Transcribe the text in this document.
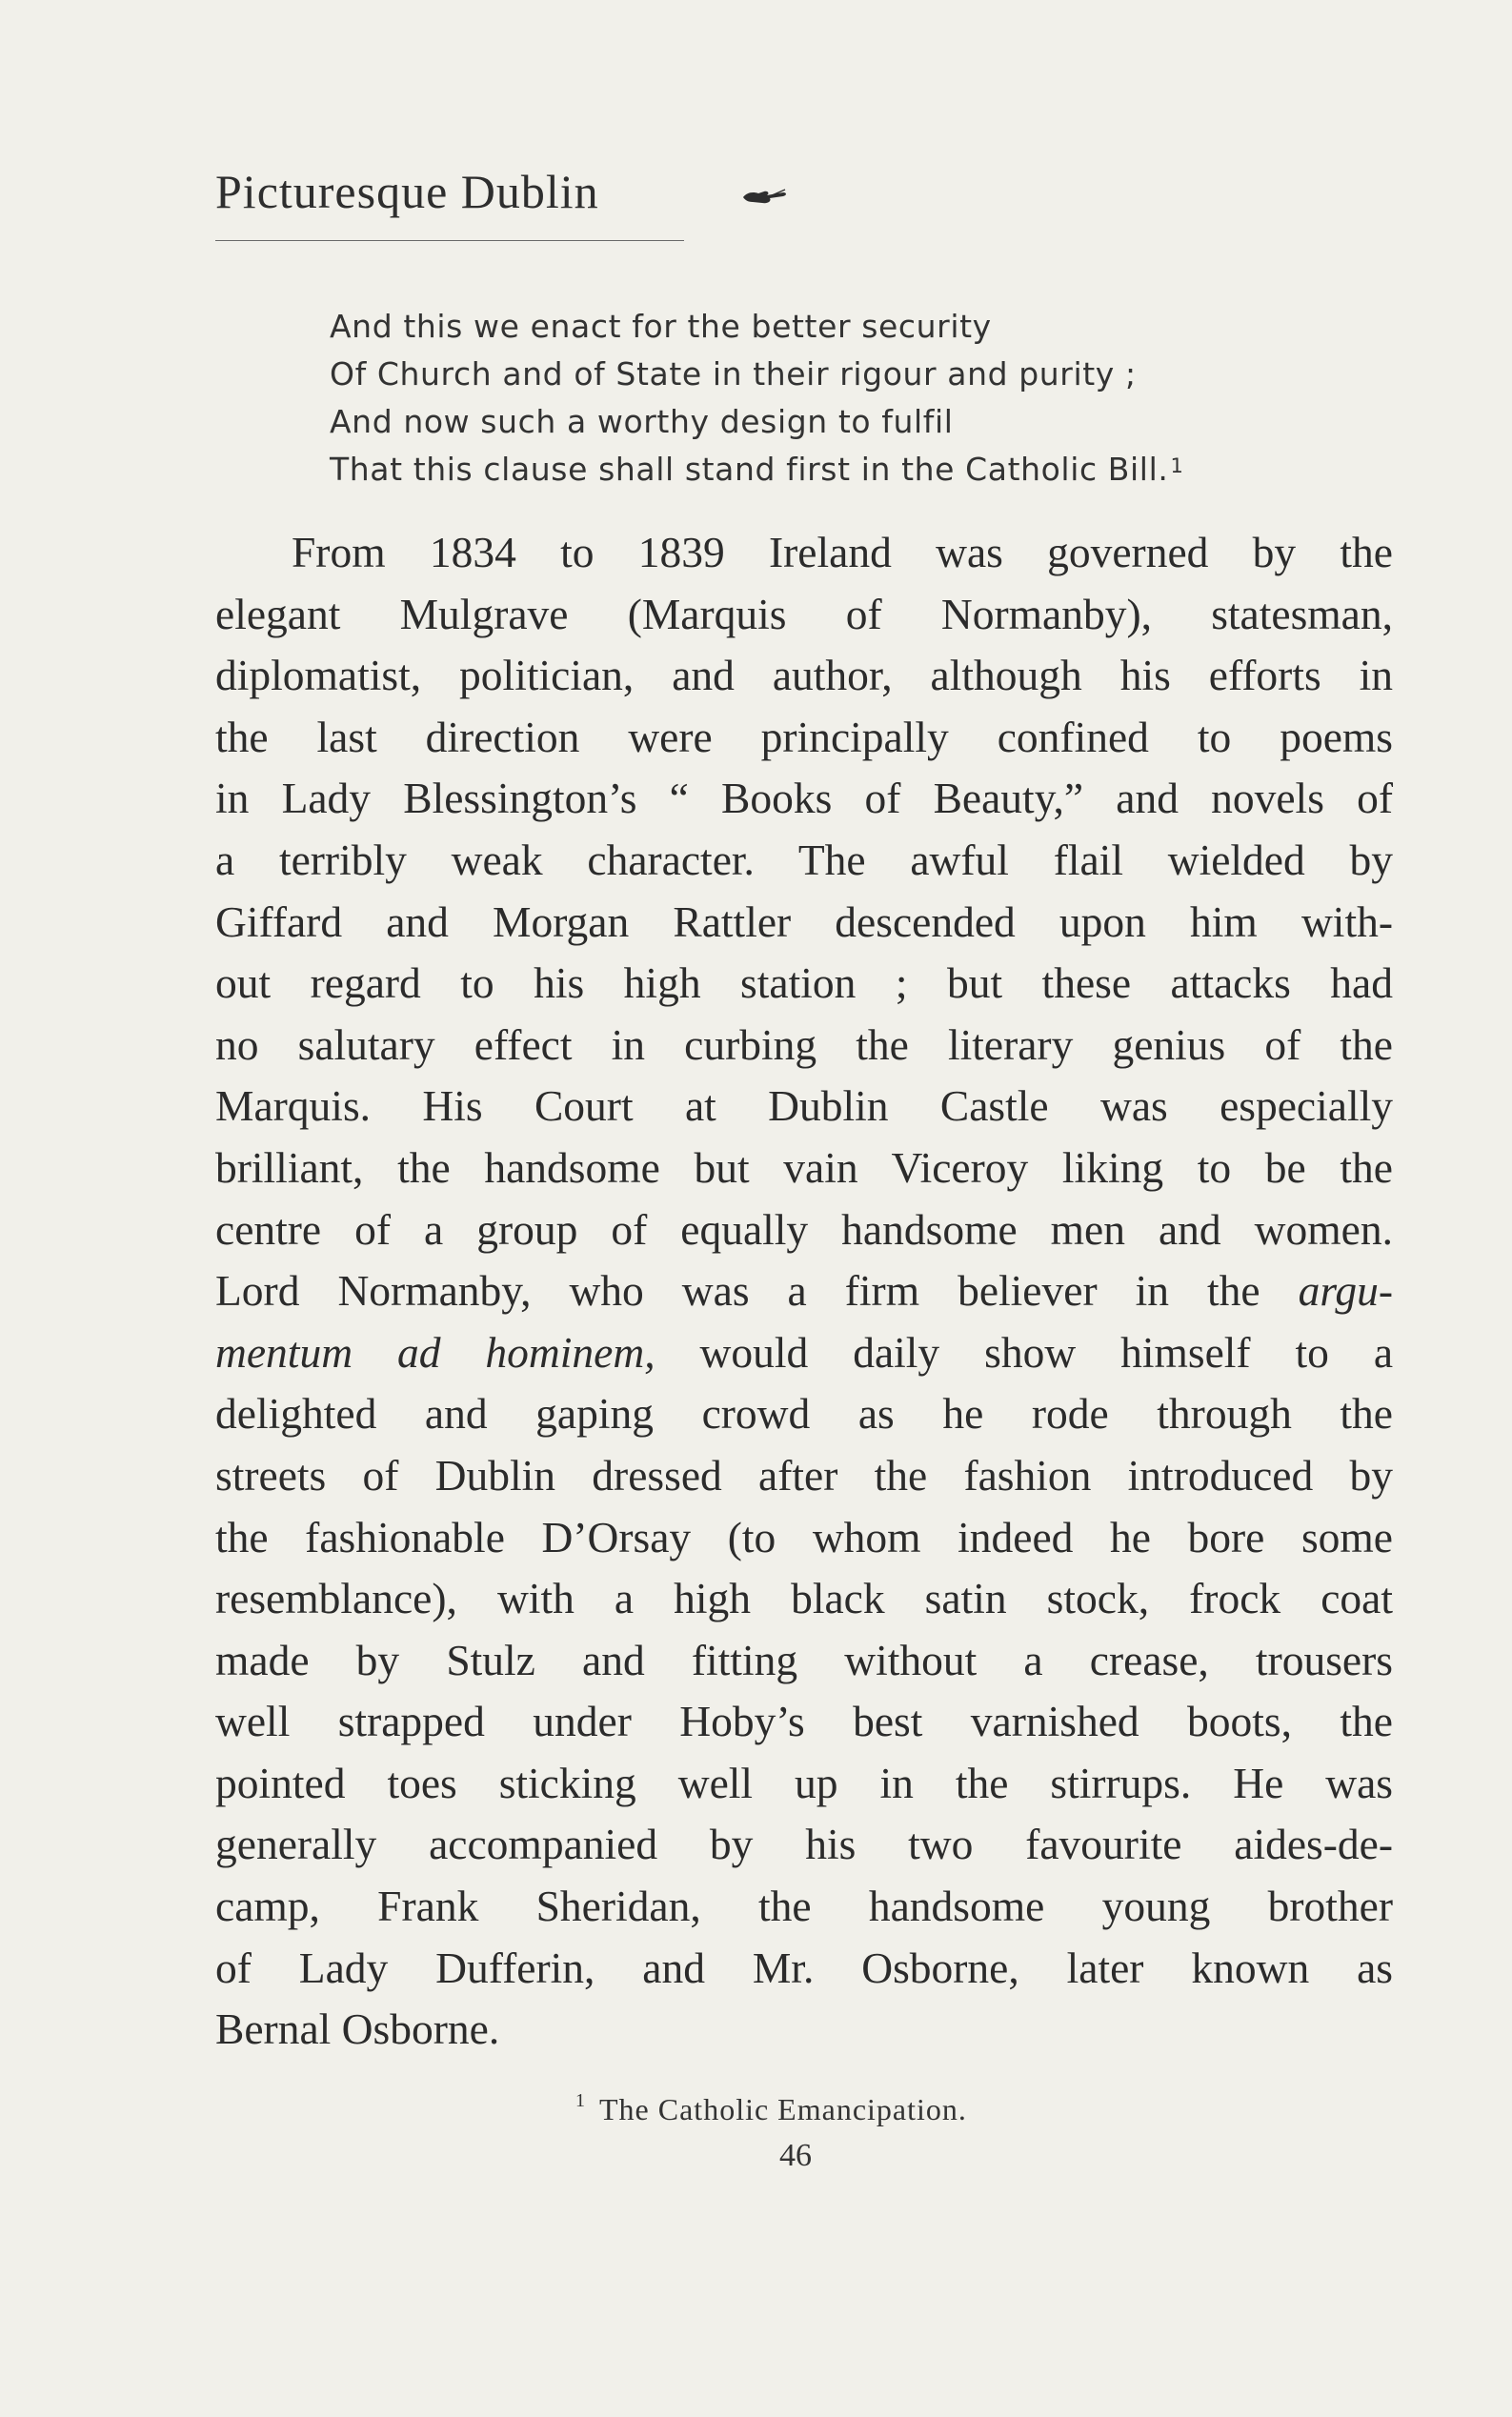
Picturesque Dublin
And this we enact for the better security
Of Church and of State in their rigour and purity ;
And now such a worthy design to fulfil
That this clause shall stand first in the Catholic Bill.$^1$
From 1834 to 1839 Ireland was governed by the
elegant Mulgrave (Marquis of Normanby), statesman,
diplomatist, politician, and author, although his efforts in
the last direction were principally confined to poems
in Lady Blessington’s “ Books of Beauty,” and novels of
a terribly weak character. The awful flail wielded by
Giffard and Morgan Rattler descended upon him with-
out regard to his high station ; but these attacks had
no salutary effect in curbing the literary genius of the
Marquis. His Court at Dublin Castle was especially
brilliant, the handsome but vain Viceroy liking to be the
centre of a group of equally handsome men and women.
Lord Normanby, who was a firm believer in the argu-
mentum ad hominem, would daily show himself to a
delighted and gaping crowd as he rode through the
streets of Dublin dressed after the fashion introduced by
the fashionable D’Orsay (to whom indeed he bore some
resemblance), with a high black satin stock, frock coat
made by Stulz and fitting without a crease, trousers
well strapped under Hoby’s best varnished boots, the
pointed toes sticking well up in the stirrups. He was
generally accompanied by his two favourite aides-de-
camp, Frank Sheridan, the handsome young brother
of Lady Dufferin, and Mr. Osborne, later known as
Bernal Osborne.
$^1$ The Catholic Emancipation.
46
